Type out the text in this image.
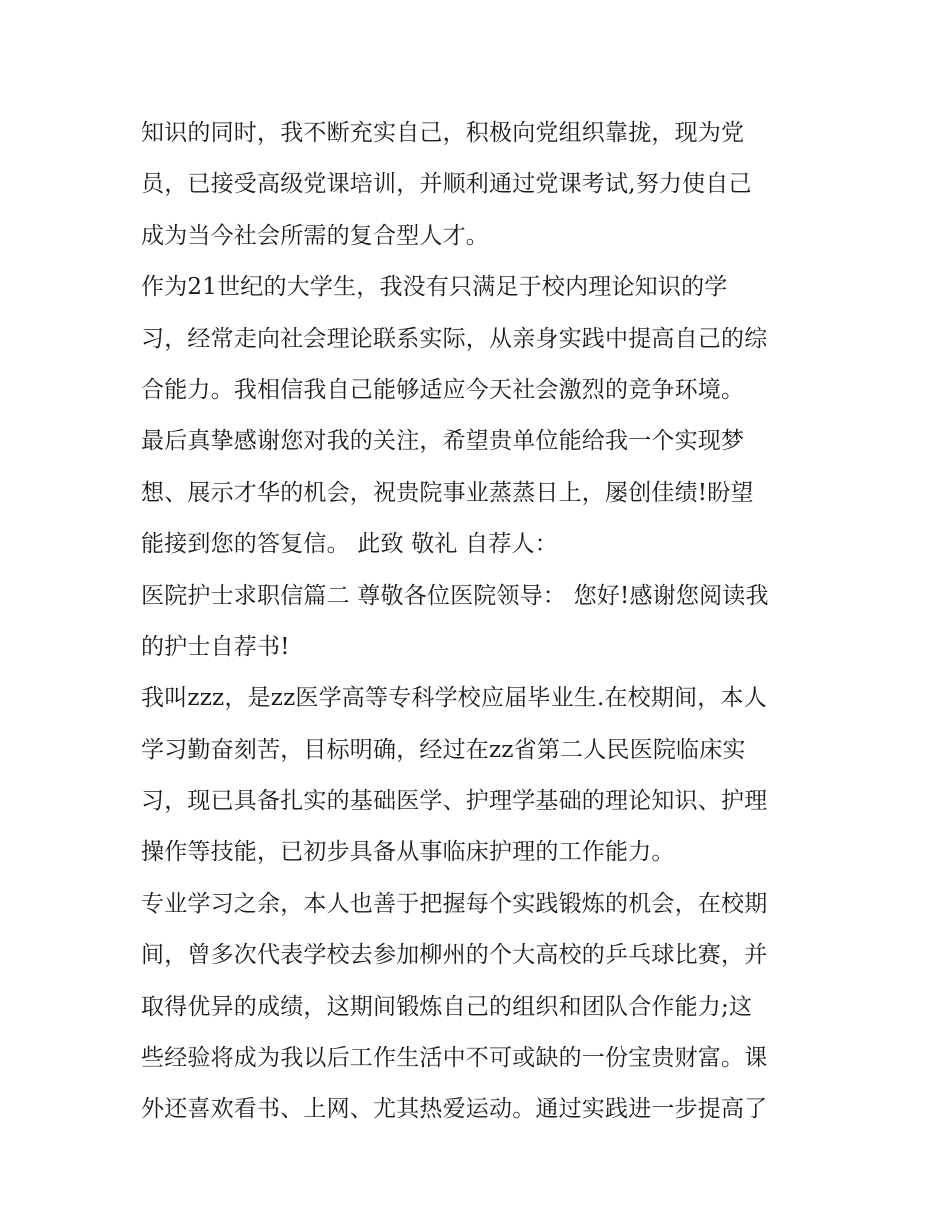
知识的同时，我不断充实自己，积极向党组织靠拢，现为党
员，已接受高级党课培训，并顺利通过党课考试,努力使自己
成为当今社会所需的复合型人才。
作为21世纪的大学生，我没有只满足于校内理论知识的学
习，经常走向社会理论联系实际，从亲身实践中提高自己的综
合能力。我相信我自己能够适应今天社会激烈的竞争环境。
最后真挚感谢您对我的关注，希望贵单位能给我一个实现梦
想、展示才华的机会，祝贵院事业蒸蒸日上，屡创佳绩!盼望
能接到您的答复信。 此致 敬礼 自荐人：
医院护士求职信篇二 尊敬各位医院领导： 您好!感谢您阅读我
的护士自荐书!
我叫zzz，是zz医学高等专科学校应届毕业生.在校期间，本人
学习勤奋刻苦，目标明确，经过在zz省第二人民医院临床实
习，现已具备扎实的基础医学、护理学基础的理论知识、护理
操作等技能，已初步具备从事临床护理的工作能力。
专业学习之余，本人也善于把握每个实践锻炼的机会，在校期
间，曾多次代表学校去参加柳州的个大高校的乒乓球比赛，并
取得优异的成绩，这期间锻炼自己的组织和团队合作能力;这
些经验将成为我以后工作生活中不可或缺的一份宝贵财富。课
外还喜欢看书、上网、尤其热爱运动。通过实践进一步提高了
